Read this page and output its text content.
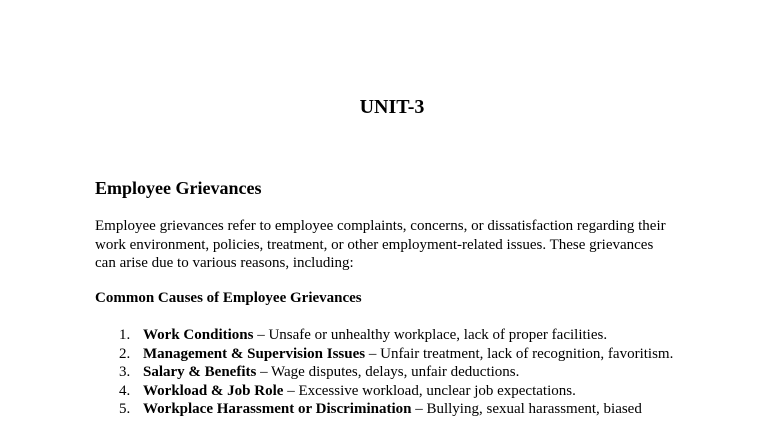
UNIT-3
Employee Grievances
Employee grievances refer to employee complaints, concerns, or dissatisfaction regarding their work environment, policies, treatment, or other employment-related issues. These grievances can arise due to various reasons, including:
Common Causes of Employee Grievances
1. Work Conditions – Unsafe or unhealthy workplace, lack of proper facilities.
2. Management & Supervision Issues – Unfair treatment, lack of recognition, favoritism.
3. Salary & Benefits – Wage disputes, delays, unfair deductions.
4. Workload & Job Role – Excessive workload, unclear job expectations.
5. Workplace Harassment or Discrimination – Bullying, sexual harassment, biased
